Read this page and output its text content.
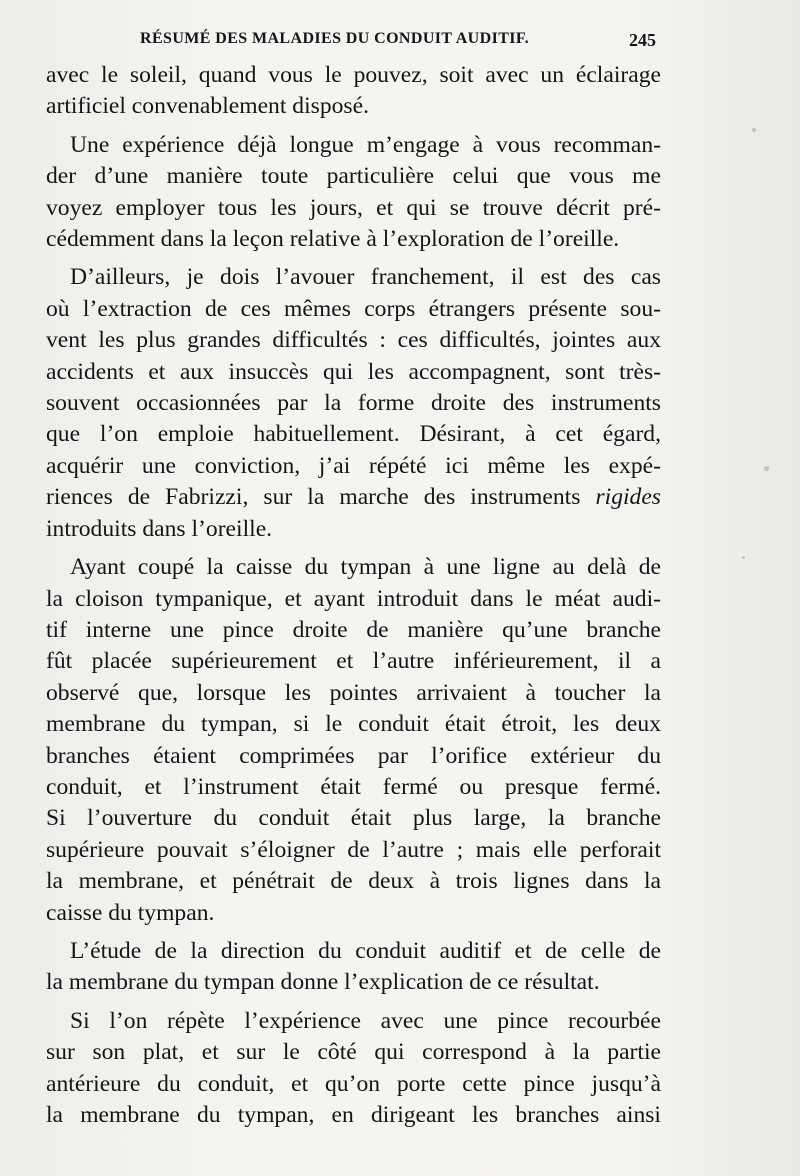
RÉSUMÉ DES MALADIES DU CONDUIT AUDITIF.	245

avec le soleil, quand vous le pouvez, soit avec un éclairage
artificiel convenablement disposé.

Une expérience déjà longue m’engage à vous recomman-
der d’une manière toute particulière celui que vous me
voyez employer tous les jours, et qui se trouve décrit pré-
cédemment dans la leçon relative à l’exploration de l’oreille.

D’ailleurs, je dois l’avouer franchement, il est des cas
où l’extraction de ces mêmes corps étrangers présente sou-
vent les plus grandes difficultés : ces difficultés, jointes aux
accidents et aux insuccès qui les accompagnent, sont très-
souvent occasionnées par la forme droite des instruments
que l’on emploie habituellement. Désirant, à cet égard,
acquérir une conviction, j’ai répété ici même les expé-
riences de Fabrizzi, sur la marche des instruments rigides
introduits dans l’oreille.

Ayant coupé la caisse du tympan à une ligne au delà de
la cloison tympanique, et ayant introduit dans le méat audi-
tif interne une pince droite de manière qu’une branche
fût placée supérieurement et l’autre inférieurement, il a
observé que, lorsque les pointes arrivaient à toucher la
membrane du tympan, si le conduit était étroit, les deux
branches étaient comprimées par l’orifice extérieur du
conduit, et l’instrument était fermé ou presque fermé.
Si l’ouverture du conduit était plus large, la branche
supérieure pouvait s’éloigner de l’autre ; mais elle perforait
la membrane, et pénétrait de deux à trois lignes dans la
caisse du tympan.

L’étude de la direction du conduit auditif et de celle de
la membrane du tympan donne l’explication de ce résultat.

Si l’on répète l’expérience avec une pince recourbée
sur son plat, et sur le côté qui correspond à la partie
antérieure du conduit, et qu’on porte cette pince jusqu’à
la membrane du tympan, en dirigeant les branches ainsi
